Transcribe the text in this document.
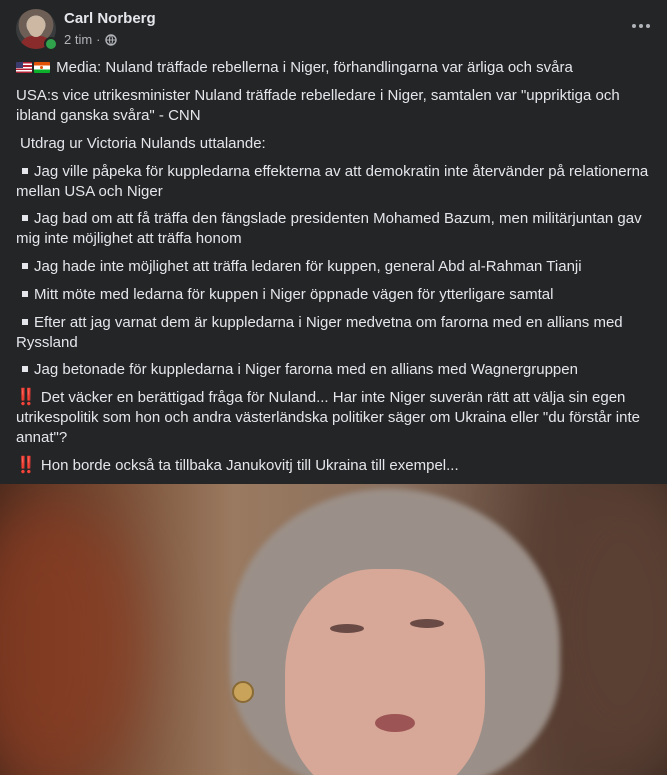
Carl Norberg
2 tim ·

Media: Nuland träffade rebellerna i Niger, förhandlingarna var ärliga och svåra

USA:s vice utrikesminister Nuland träffade rebelledare i Niger, samtalen var "uppriktiga och ibland ganska svåra" - CNN

Utdrag ur Victoria Nulands uttalande:

Jag ville påpeka för kuppledarna effekterna av att demokratin inte återvänder på relationerna mellan USA och Niger

Jag bad om att få träffa den fängslade presidenten Mohamed Bazum, men militärjuntan gav mig inte möjlighet att träffa honom

Jag hade inte möjlighet att träffa ledaren för kuppen, general Abd al-Rahman Tianji

Mitt möte med ledarna för kuppen i Niger öppnade vägen för ytterligare samtal

Efter att jag varnat dem är kuppledarna i Niger medvetna om farorna med en allians med Ryssland

Jag betonade för kuppledarna i Niger farorna med en allians med Wagnergruppen

‼️ Det väcker en berättigad fråga för Nuland... Har inte Niger suverän rätt att välja sin egen utrikespolitik som hon och andra västerländska politiker säger om Ukraina eller "du förstår inte annat"?

‼️ Hon borde också ta tillbaka Janukovitj till Ukraina till exempel...
